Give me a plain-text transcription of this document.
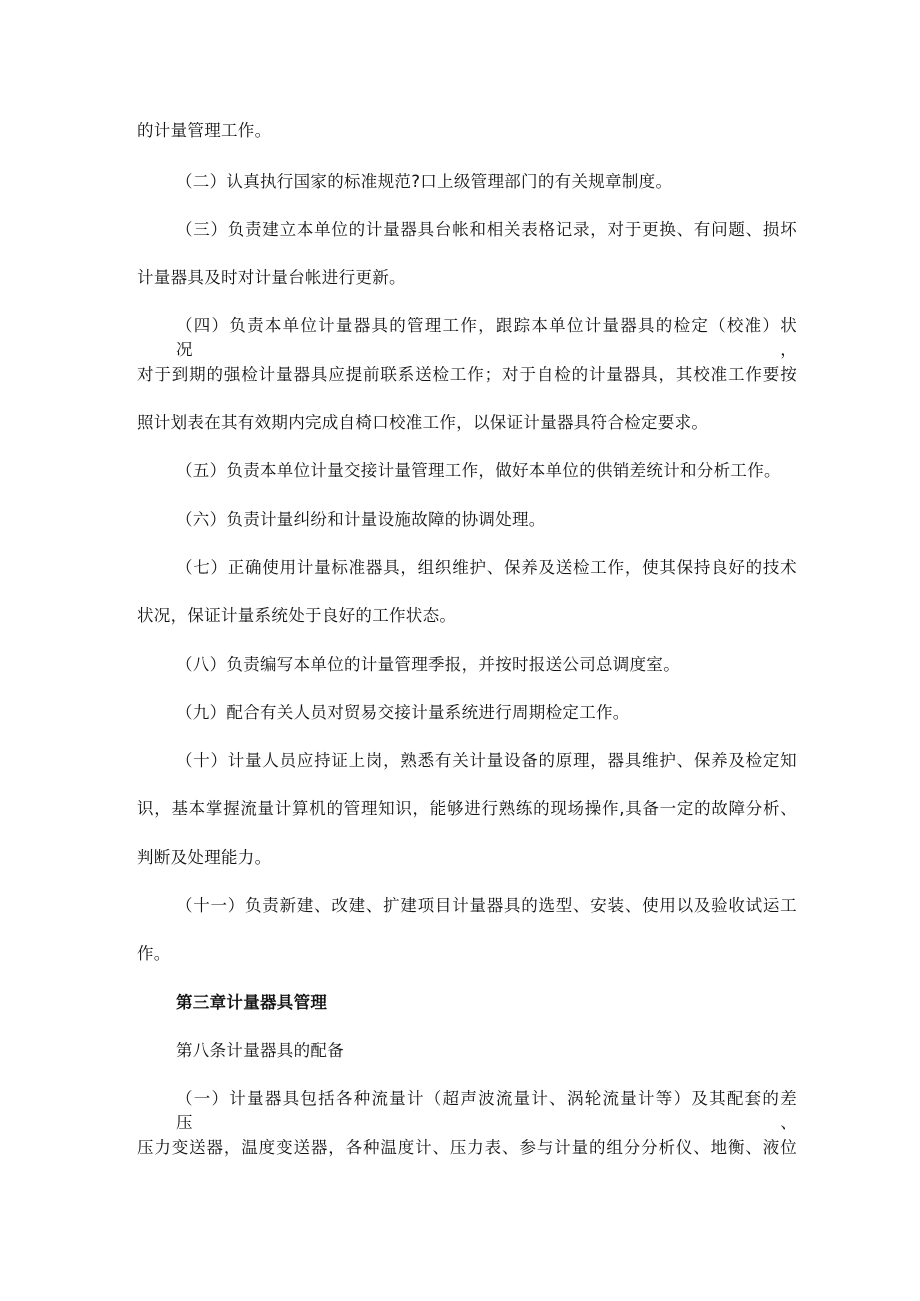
的计量管理工作。
（二）认真执行国家的标准规范?口上级管理部门的有关规章制度。
（三）负责建立本单位的计量器具台帐和相关表格记录，对于更换、有问题、损坏
计量器具及时对计量台帐进行更新。
（四）负责本单位计量器具的管理工作，跟踪本单位计量器具的检定（校准）状况，
对于到期的强检计量器具应提前联系送检工作；对于自检的计量器具，其校准工作要按
照计划表在其有效期内完成自椅口校准工作，以保证计量器具符合检定要求。
（五）负责本单位计量交接计量管理工作，做好本单位的供销差统计和分析工作。
（六）负责计量纠纷和计量设施故障的协调处理。
（七）正确使用计量标准器具，组织维护、保养及送检工作，使其保持良好的技术
状况，保证计量系统处于良好的工作状态。
（八）负责编写本单位的计量管理季报，并按时报送公司总调度室。
（九）配合有关人员对贸易交接计量系统进行周期检定工作。
（十）计量人员应持证上岗，熟悉有关计量设备的原理，器具维护、保养及检定知
识，基本掌握流量计算机的管理知识，能够进行熟练的现场操作,具备一定的故障分析、
判断及处理能力。
（十一）负责新建、改建、扩建项目计量器具的选型、安装、使用以及验收试运工
作。
第三章计量器具管理
第八条计量器具的配备
（一）计量器具包括各种流量计（超声波流量计、涡轮流量计等）及其配套的差压、
压力变送器，温度变送器，各种温度计、压力表、参与计量的组分分析仪、地衡、液位
